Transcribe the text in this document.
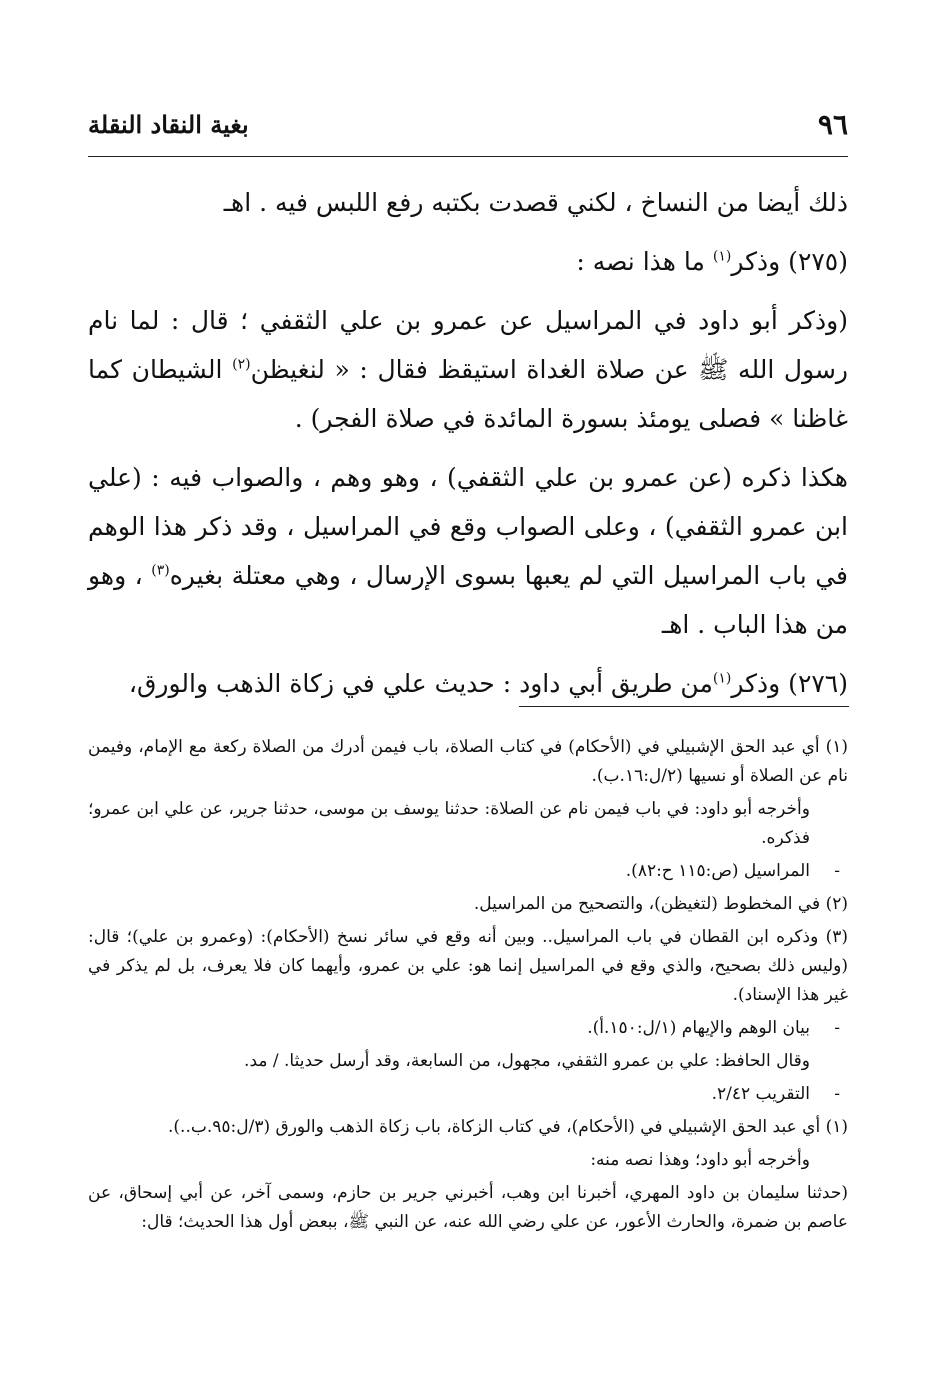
٩٦
بغية النقاد النقلة

ذلك أيضا من النساخ ، لكني قصدت بكتبه رفع اللبس فيه . اهـ

(٢٧٥) وذكر$^{(١)}$ ما هذا نصه :

(وذكر أبو داود في المراسيل عن عمرو بن علي الثقفي ؛ قال : لما نام رسول الله ﷺ عن صلاة الغداة استيقظ فقال : « لنغيظن$^{(٢)}$ الشيطان كما غاظنا » فصلى يومئذ بسورة المائدة في صلاة الفجر) .

هكذا ذكره (عن عمرو بن علي الثقفي) ، وهو وهم ، والصواب فيه : (علي ابن عمرو الثقفي) ، وعلى الصواب وقع في المراسيل ، وقد ذكر هذا الوهم في باب المراسيل التي لم يعبها بسوى الإرسال ، وهي معتلة بغيره$^{(٣)}$ ، وهو من هذا الباب . اهـ

(٢٧٦) وذكر$^{(١)}$من طريق أبي داود : حديث علي في زكاة الذهب والورق،

(١) أي عبد الحق الإشبيلي في (الأحكام) في كتاب الصلاة، باب فيمن أدرك من الصلاة ركعة مع الإمام، وفيمن نام عن الصلاة أو نسيها (٢/ل:١٦.ب).

وأخرجه أبو داود: في باب فيمن نام عن الصلاة: حدثنا يوسف بن موسى، حدثنا جرير، عن علي ابن عمرو؛ فذكره.

-المراسيل (ص:١١٥ ح:٨٢).

(٢) في المخطوط (لتغيظن)، والتصحيح من المراسيل.

(٣) وذكره ابن القطان في باب المراسيل.. وبين أنه وقع في سائر نسخ (الأحكام): (وعمرو بن علي)؛ قال: (وليس ذلك بصحيح، والذي وقع في المراسيل إنما هو: علي بن عمرو، وأيهما كان فلا يعرف، بل لم يذكر في غير هذا الإسناد).

-بيان الوهم والإيهام (١/ل:١٥٠.أ).

وقال الحافظ: علي بن عمرو الثقفي، مجهول، من السابعة، وقد أرسل حديثا. / مد.

-التقريب ٢/٤٢.

(١) أي عبد الحق الإشبيلي في (الأحكام)، في كتاب الزكاة، باب زكاة الذهب والورق (٣/ل:٩٥.ب..).

وأخرجه أبو داود؛ وهذا نصه منه:

(حدثنا سليمان بن داود المهري، أخبرنا ابن وهب، أخبرني جرير بن حازم، وسمى آخر، عن أبي إسحاق، عن عاصم بن ضمرة، والحارث الأعور، عن علي رضي الله عنه، عن النبي ﷺ، ببعض أول هذا الحديث؛ قال:
